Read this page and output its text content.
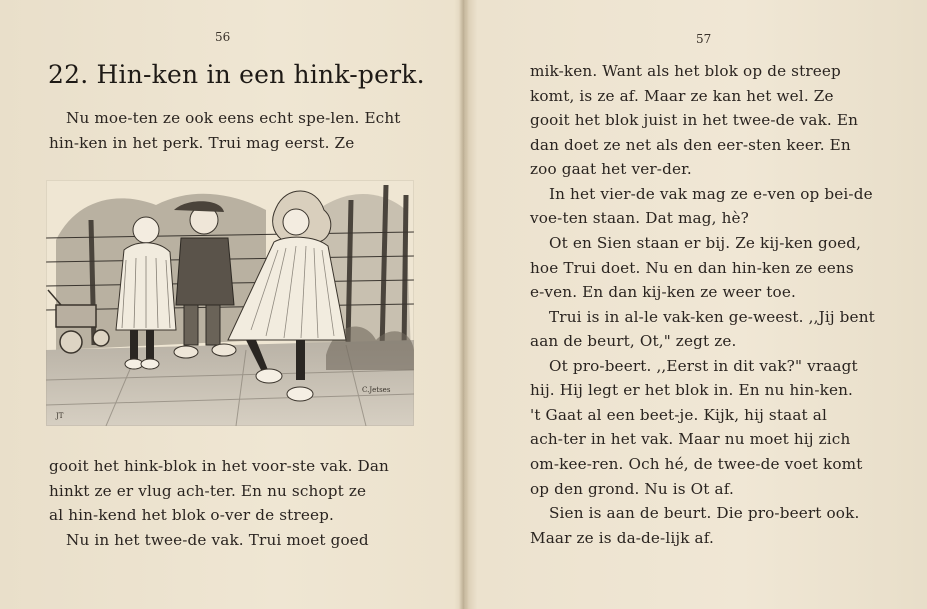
56
22. Hin-ken in een hink-perk.
Nu moe-ten ze ook eens echt spe-len. Echt
hin-ken in het perk. Trui mag eerst. Ze
C.Jetses
JT
gooit het hink-blok in het voor-ste vak. Dan
hinkt ze er vlug ach-ter. En nu schopt ze
al hin-kend het blok o-ver de streep.
Nu in het twee-de vak. Trui moet goed
57
mik-ken. Want als het blok op de streep
komt, is ze af. Maar ze kan het wel. Ze
gooit het blok juist in het twee-de vak. En
dan doet ze net als den eer-sten keer. En
zoo gaat het ver-der.
In het vier-de vak mag ze e-ven op bei-de
voe-ten staan. Dat mag, hè?
Ot en Sien staan er bij. Ze kij-ken goed,
hoe Trui doet. Nu en dan hin-ken ze eens
e-ven. En dan kij-ken ze weer toe.
Trui is in al-le vak-ken ge-weest. ,,Jij bent
aan de beurt, Ot," zegt ze.
Ot pro-beert. ,,Eerst in dit vak?" vraagt
hij. Hij legt er het blok in. En nu hin-ken.
't Gaat al een beet-je. Kijk, hij staat al
ach-ter in het vak. Maar nu moet hij zich
om-kee-ren. Och hé, de twee-de voet komt
op den grond. Nu is Ot af.
Sien is aan de beurt. Die pro-beert ook.
Maar ze is da-de-lijk af.
